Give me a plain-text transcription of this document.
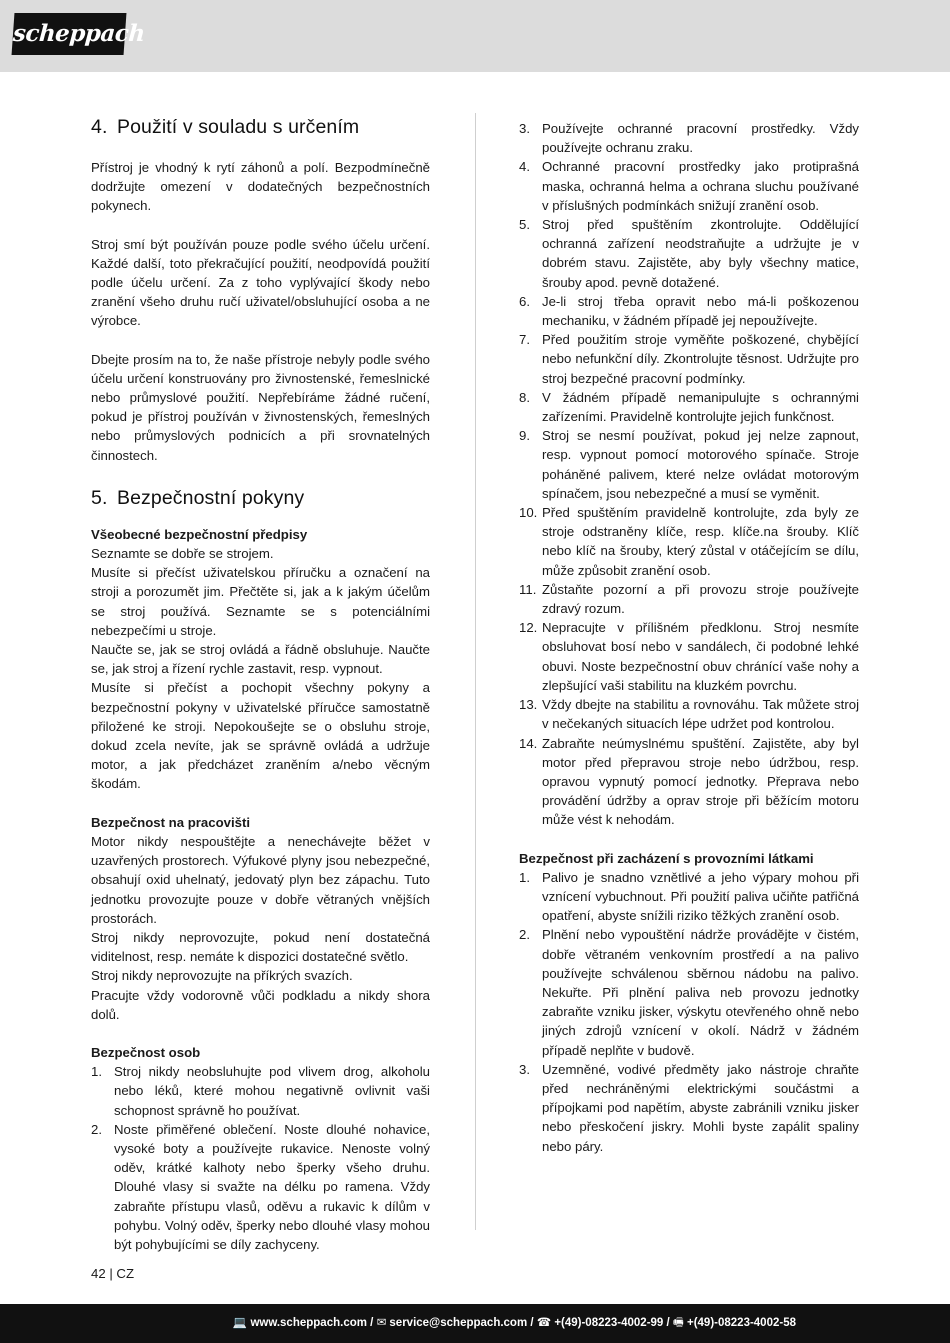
scheppach
4. Použití v souladu s určením

Přístroj je vhodný k rytí záhonů a polí. Bezpodmínečně dodržujte omezení v dodatečných bezpečnostních pokynech.

Stroj smí být používán pouze podle svého účelu určení. Každé další, toto překračující použití, neodpovídá použití podle účelu určení. Za z toho vyplývající škody nebo zranění všeho druhu ručí uživatel/obsluhující osoba a ne výrobce.

Dbejte prosím na to, že naše přístroje nebyly podle svého účelu určení konstruovány pro živnostenské, řemeslnické nebo průmyslové použití. Nepřebíráme žádné ručení, pokud je přístroj používán v živnostenských, řemeslných nebo průmyslových podnicích a při srovnatelných činnostech.

5. Bezpečnostní pokyny
Všeobecné bezpečnostní předpisy

Seznamte se dobře se strojem.

Musíte si přečíst uživatelskou příručku a označení na stroji a porozumět jim. Přečtěte si, jak a k jakým účelům se stroj používá. Seznamte se s potenciálními nebezpečími u stroje.

Naučte se, jak se stroj ovládá a řádně obsluhuje. Naučte se, jak stroj a řízení rychle zastavit, resp. vypnout.

Musíte si přečíst a pochopit všechny pokyny a bezpečnostní pokyny v uživatelské příručce samostatně přiložené ke stroji. Nepokoušejte se o obsluhu stroje, dokud zcela nevíte, jak se správně ovládá a udržuje motor, a jak předcházet zraněním a/nebo věcným škodám.

Bezpečnost na pracovišti

Motor nikdy nespouštějte a nenechávejte běžet v uzavřených prostorech. Výfukové plyny jsou nebezpečné, obsahují oxid uhelnatý, jedovatý plyn bez zápachu. Tuto jednotku provozujte pouze v dobře větraných vnějších prostorách.

Stroj nikdy neprovozujte, pokud není dostatečná viditelnost, resp. nemáte k dispozici dostatečné světlo.

Stroj nikdy neprovozujte na příkrých svazích.

Pracujte vždy vodorovně vůči podkladu a nikdy shora dolů.

Bezpečnost osob
1. Stroj nikdy neobsluhujte pod vlivem drog, alkoholu nebo léků, které mohou negativně ovlivnit vaši schopnost správně ho používat.
2. Noste přiměřené oblečení. Noste dlouhé nohavice, vysoké boty a používejte rukavice. Nenoste volný oděv, krátké kalhoty nebo šperky všeho druhu. Dlouhé vlasy si svažte na délku po ramena. Vždy zabraňte přístupu vlasů, oděvu a rukavic k dílům v pohybu. Volný oděv, šperky nebo dlouhé vlasy mohou být pohybujícími se díly zachyceny.
3. Používejte ochranné pracovní prostředky. Vždy používejte ochranu zraku.
4. Ochranné pracovní prostředky jako protiprašná maska, ochranná helma a ochrana sluchu používané v příslušných podmínkách snižují zranění osob.
5. Stroj před spuštěním zkontrolujte. Oddělující ochranná zařízení neodstraňujte a udržujte je v dobrém stavu. Zajistěte, aby byly všechny matice, šrouby apod. pevně dotažené.
6. Je-li stroj třeba opravit nebo má-li poškozenou mechaniku, v žádném případě jej nepoužívejte.
7. Před použitím stroje vyměňte poškozené, chybějící nebo nefunkční díly. Zkontrolujte těsnost. Udržujte pro stroj bezpečné pracovní podmínky.
8. V žádném případě nemanipulujte s ochrannými zařízeními. Pravidelně kontrolujte jejich funkčnost.
9. Stroj se nesmí používat, pokud jej nelze zapnout, resp. vypnout pomocí motorového spínače. Stroje poháněné palivem, které nelze ovládat motorovým spínačem, jsou nebezpečné a musí se vyměnit.
10. Před spuštěním pravidelně kontrolujte, zda byly ze stroje odstraněny klíče, resp. klíče.na šrouby. Klíč nebo klíč na šrouby, který zůstal v otáčejícím se dílu, může způsobit zranění osob.
11. Zůstaňte pozorní a při provozu stroje používejte zdravý rozum.
12. Nepracujte v přílišném předklonu. Stroj nesmíte obsluhovat bosí nebo v sandálech, či podobné lehké obuvi. Noste bezpečnostní obuv chránící vaše nohy a zlepšující vaši stabilitu na kluzkém povrchu.
13. Vždy dbejte na stabilitu a rovnováhu. Tak můžete stroj v nečekaných situacích lépe udržet pod kontrolou.
14. Zabraňte neúmyslnému spuštění. Zajistěte, aby byl motor před přepravou stroje nebo údržbou, resp. opravou vypnutý pomocí jednotky. Přeprava nebo provádění údržby a oprav stroje při běžícím motoru může vést k nehodám.
Bezpečnost při zacházení s provozními látkami
1. Palivo je snadno vznětlivé a jeho výpary mohou při vznícení vybuchnout. Při použití paliva učiňte patřičná opatření, abyste snížili riziko těžkých zranění osob.
2. Plnění nebo vypouštění nádrže provádějte v čistém, dobře větraném venkovním prostředí a na palivo používejte schválenou sběrnou nádobu na palivo. Nekuřte. Při plnění paliva neb provozu jednotky zabraňte vzniku jisker, výskytu otevřeného ohně nebo jiných zdrojů vznícení v okolí. Nádrž v žádném případě neplňte v budově.
3. Uzemněné, vodivé předměty jako nástroje chraňte před nechráněnými elektrickými součástmi a přípojkami pod napětím, abyste zabránili vzniku jisker nebo přeskočení jiskry. Mohli byste zapálit spaliny nebo páry.
42 | CZ
💻 www.scheppach.com / ✉ service@scheppach.com / ☎ +(49)-08223-4002-99 / 🖷 +(49)-08223-4002-58
